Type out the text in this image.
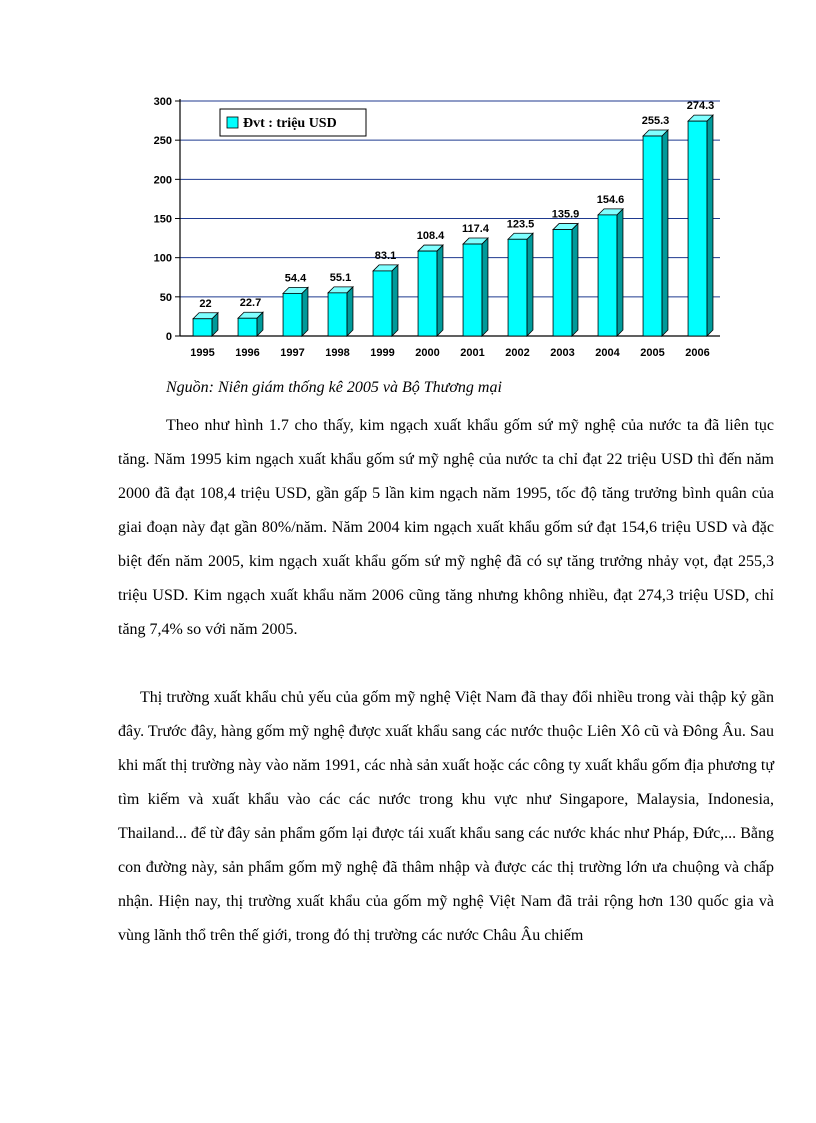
0
50
100
150
200
250
300
22
1995
22.7
1996
54.4
1997
55.1
1998
83.1
1999
108.4
2000
117.4
2001
123.5
2002
135.9
2003
154.6
2004
255.3
2005
274.3
2006
Đvt : triệu USD
Nguồn: Niên giám thống kê 2005 và Bộ Thương mại

Theo như hình 1.7 cho thấy, kim ngạch xuất khẩu gốm sứ mỹ nghệ của nước ta đã liên tục tăng. Năm 1995 kim ngạch xuất khẩu gốm sứ mỹ nghệ của nước ta chỉ đạt 22 triệu USD thì đến năm 2000 đã đạt 108,4 triệu USD, gần gấp 5 lần kim ngạch năm 1995, tốc độ tăng trưởng bình quân của giai đoạn này đạt gần 80%/năm. Năm 2004 kim ngạch xuất khẩu gốm sứ đạt 154,6 triệu USD và đặc biệt đến năm 2005, kim ngạch xuất khẩu gốm sứ mỹ nghệ đã có sự tăng trưởng nhảy vọt, đạt 255,3 triệu USD. Kim ngạch xuất khẩu năm 2006 cũng tăng nhưng không nhiều, đạt 274,3 triệu USD, chỉ tăng 7,4% so với năm 2005.

Thị trường xuất khẩu chủ yếu của gốm mỹ nghệ Việt Nam đã thay đổi nhiều trong vài thập kỷ gần đây. Trước đây, hàng gốm mỹ nghệ được xuất khẩu sang các nước thuộc Liên Xô cũ và Đông Âu. Sau khi mất thị trường này vào năm 1991, các nhà sản xuất hoặc các công ty xuất khẩu gốm địa phương tự tìm kiếm và xuất khẩu vào các các nước trong khu vực như Singapore, Malaysia, Indonesia, Thailand... để từ đây sản phẩm gốm lại được tái xuất khẩu sang các nước khác như Pháp, Đức,... Bằng con đường này, sản phẩm gốm mỹ nghệ đã thâm nhập và được các thị trường lớn ưa chuộng và chấp nhận. Hiện nay, thị trường xuất khẩu của gốm mỹ nghệ Việt Nam đã trải rộng hơn 130 quốc gia và vùng lãnh thổ trên thế giới, trong đó thị trường các nước Châu Âu chiếm
